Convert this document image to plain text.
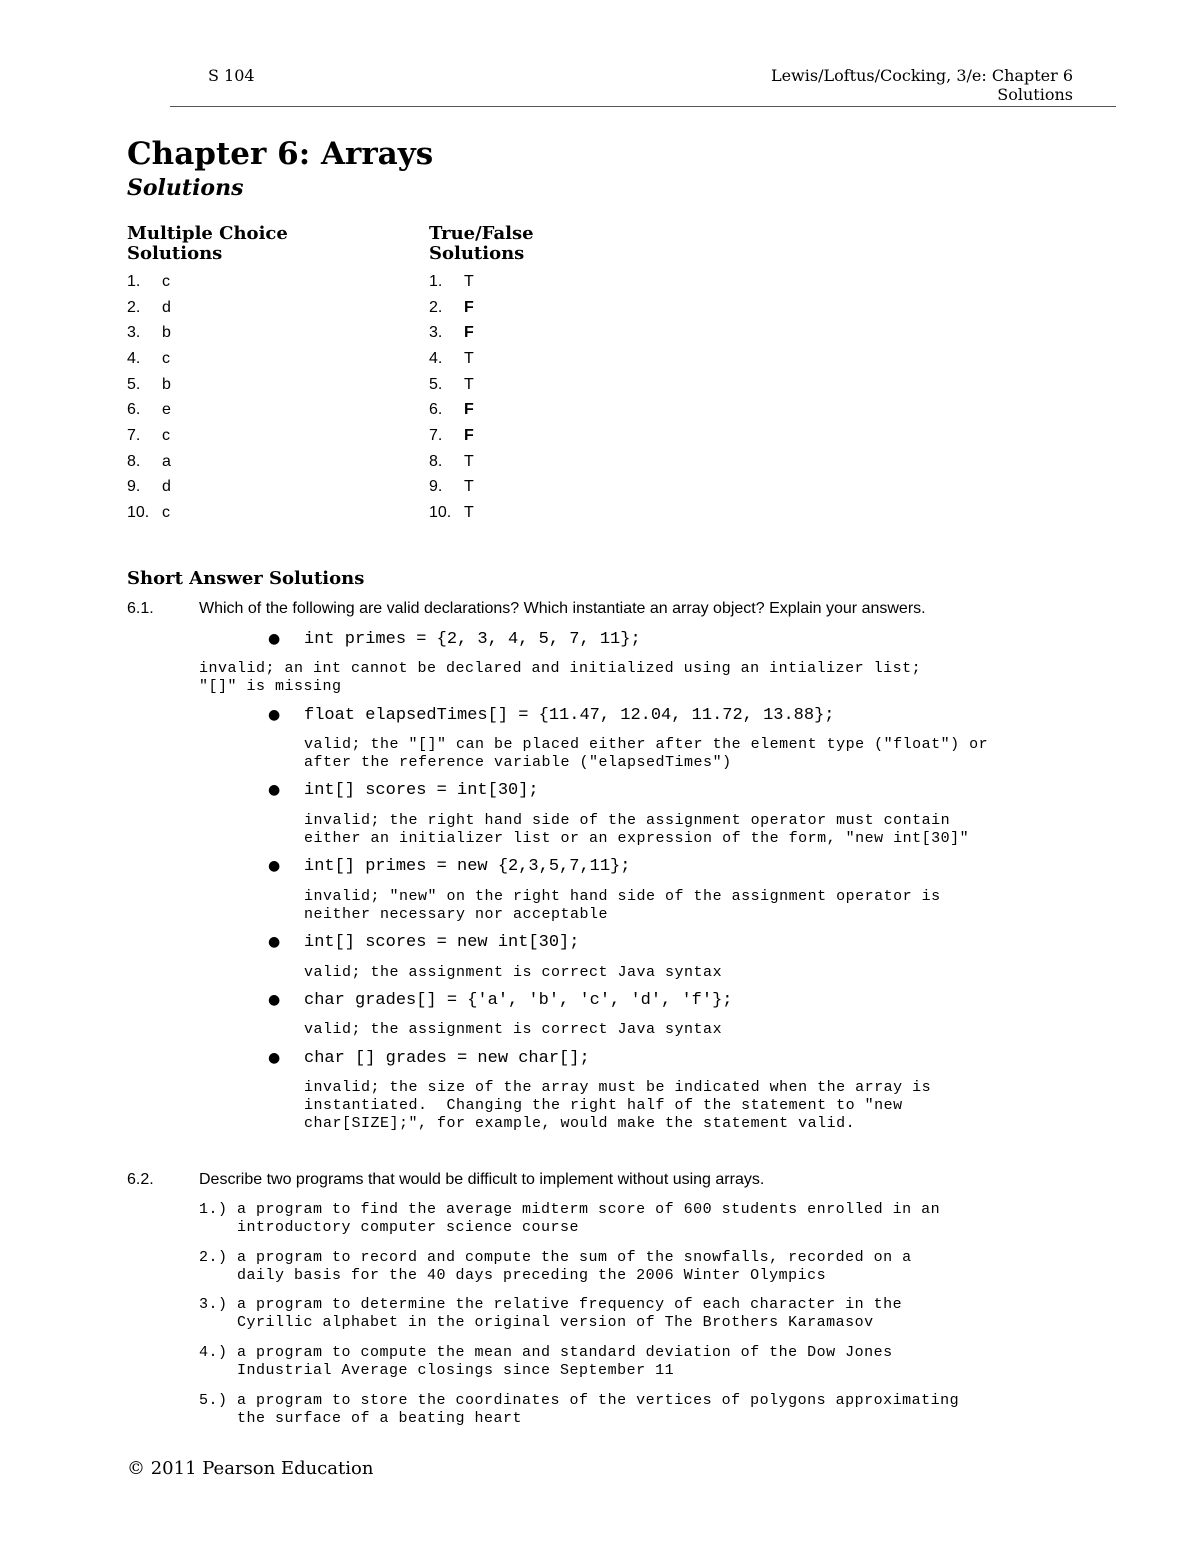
S 104	Lewis/Loftus/Cocking, 3/e: Chapter 6
Solutions
Chapter 6: Arrays
Solutions
Multiple Choice
Solutions
1.	c
2.	d
3.	b
4.	c
5.	b
6.	e
7.	c
8.	a
9.	d
10. c
True/False
Solutions
1.	T
2.	F
3.	F
4.	T
5.	T
6.	F
7.	F
8.	T
9.	T
10. T
Short Answer Solutions
6.1.	Which of the following are valid declarations? Which instantiate an array object? Explain your answers.
● int primes = {2, 3, 4, 5, 7, 11};
invalid; an int cannot be declared and initialized using an intializer list;
"[]" is missing
● float elapsedTimes[] = {11.47, 12.04, 11.72, 13.88};
valid; the "[]" can be placed either after the element type ("float") or
after the reference variable ("elapsedTimes")
● int[] scores = int[30];
invalid; the right hand side of the assignment operator must contain
either an initializer list or an expression of the form, "new int[30]"
● int[] primes = new {2,3,5,7,11};
invalid; "new" on the right hand side of the assignment operator is
neither necessary nor acceptable
● int[] scores = new int[30];
valid; the assignment is correct Java syntax
● char grades[] = {'a', 'b', 'c', 'd', 'f'};
valid; the assignment is correct Java syntax
● char [] grades = new char[];
invalid; the size of the array must be indicated when the array is
instantiated.  Changing the right half of the statement to "new
char[SIZE];", for example, would make the statement valid.
6.2.	Describe two programs that would be difficult to implement without using arrays.
1.) a program to find the average midterm score of 600 students enrolled in an
introductory computer science course
2.) a program to record and compute the sum of the snowfalls, recorded on a
daily basis for the 40 days preceding the 2006 Winter Olympics
3.) a program to determine the relative frequency of each character in the
Cyrillic alphabet in the original version of The Brothers Karamasov
4.) a program to compute the mean and standard deviation of the Dow Jones
Industrial Average closings since September 11
5.) a program to store the coordinates of the vertices of polygons approximating
the surface of a beating heart
© 2011 Pearson Education
